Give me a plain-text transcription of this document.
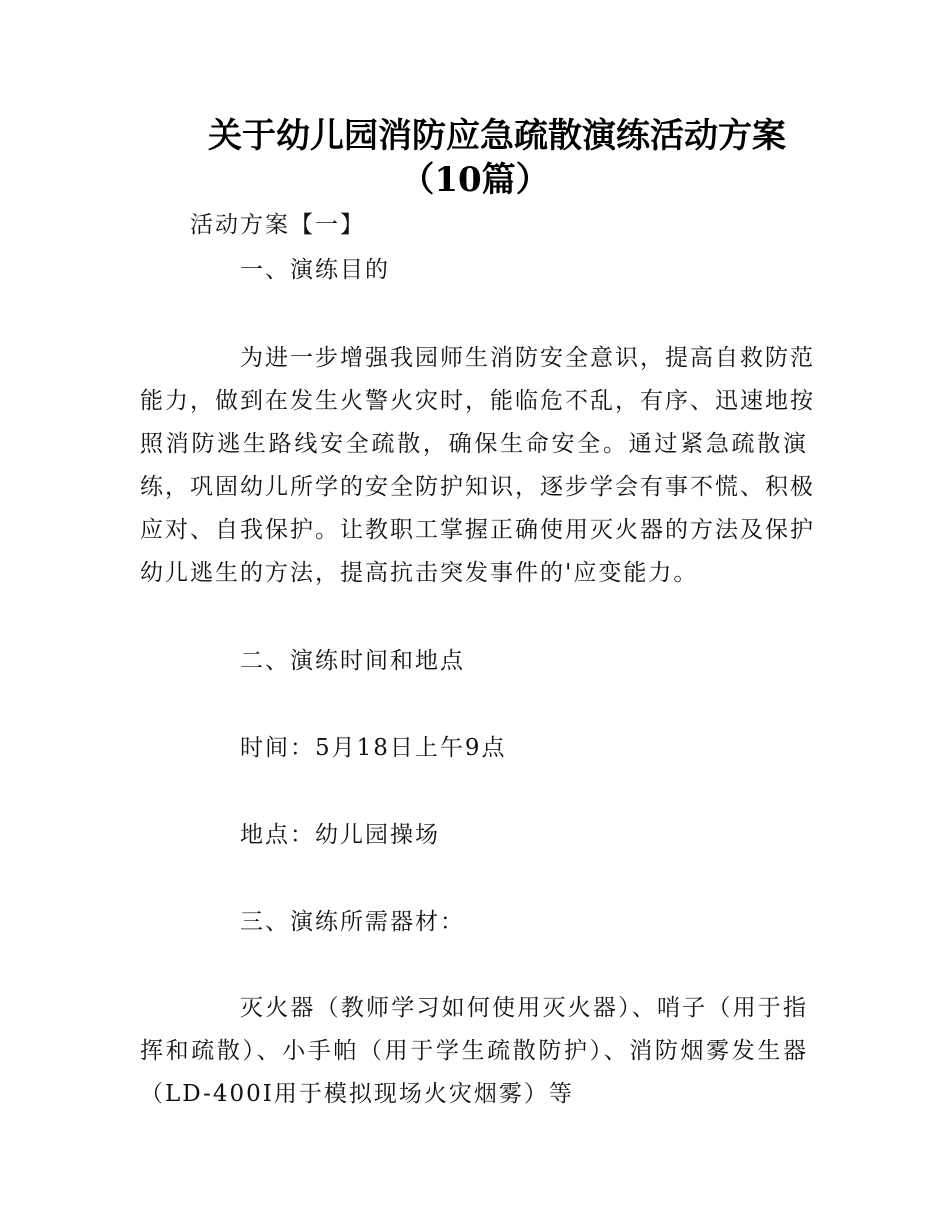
关于幼儿园消防应急疏散演练活动方案
（10篇）
活动方案【一】
一、演练目的
为进一步增强我园师生消防安全意识，提高自救防范
能力，做到在发生火警火灾时，能临危不乱，有序、迅速地按
照消防逃生路线安全疏散，确保生命安全。通过紧急疏散演
练，巩固幼儿所学的安全防护知识，逐步学会有事不慌、积极
应对、自我保护。让教职工掌握正确使用灭火器的方法及保护
幼儿逃生的方法，提高抗击突发事件的'应变能力。
二、演练时间和地点
时间：5月18日上午9点
地点：幼儿园操场
三、演练所需器材：
灭火器（教师学习如何使用灭火器）、哨子（用于指
挥和疏散）、小手帕（用于学生疏散防护）、消防烟雾发生器
（LD-400I用于模拟现场火灾烟雾）等
